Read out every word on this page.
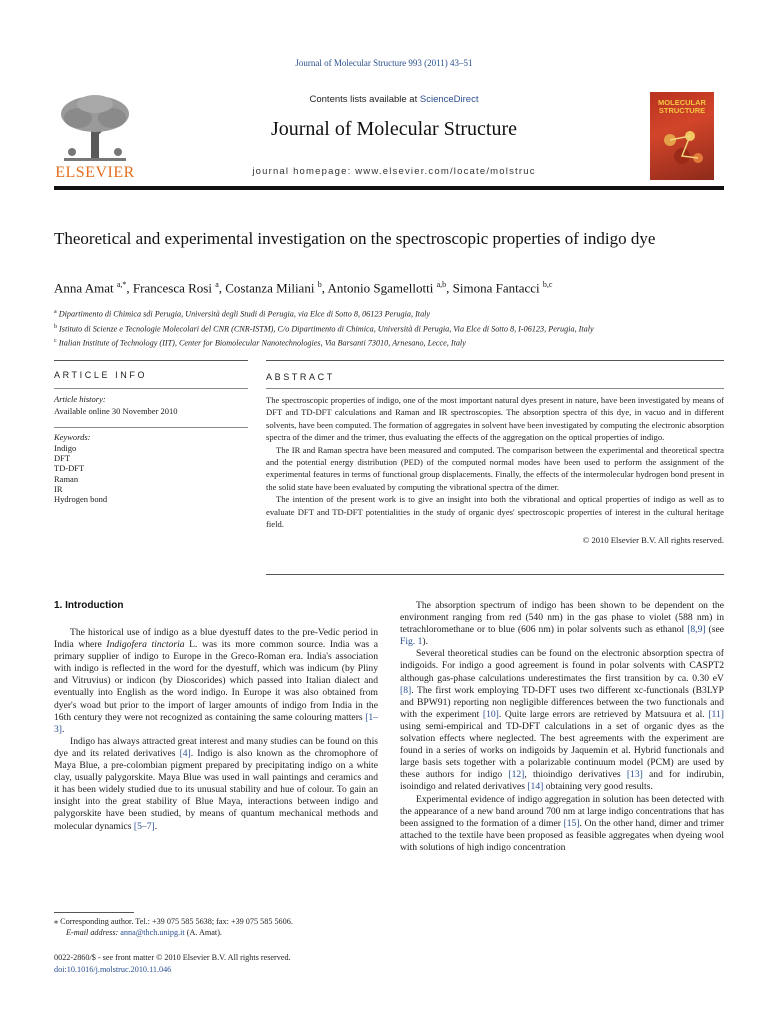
Journal of Molecular Structure 993 (2011) 43–51
ELSEVIER
Contents lists available at ScienceDirect
Journal of Molecular Structure
journal homepage: www.elsevier.com/locate/molstruc
MOLECULAR STRUCTURE
Theoretical and experimental investigation on the spectroscopic properties of indigo dye
Anna Amat $^{a,*}$, Francesca Rosi $^a$, Costanza Miliani $^b$, Antonio Sgamellotti $^{a,b}$, Simona Fantacci $^{b,c}$
$^a$ Dipartimento di Chimica sdi Perugia, Università degli Studi di Perugia, via Elce di Sotto 8, 06123 Perugia, Italy
$^b$ Istituto di Scienze e Tecnologie Molecolari del CNR (CNR-ISTM), C/o Dipartimento di Chimica, Università di Perugia, Via Elce di Sotto 8, I-06123, Perugia, Italy
$^c$ Italian Institute of Technology (IIT), Center for Biomolecular Nanotechnologies, Via Barsanti 73010, Arnesano, Lecce, Italy
ARTICLE INFO
Article history:
Available online 30 November 2010
Keywords:
Indigo
DFT
TD-DFT
Raman
IR
Hydrogen bond
ABSTRACT

The spectroscopic properties of indigo, one of the most important natural dyes present in nature, have been investigated by means of DFT and TD-DFT calculations and Raman and IR spectroscopies. The absorption spectra of this dye, in vacuo and in different solvents, have been computed. The formation of aggregates in solvent have been investigated by computing the electronic absorption spectra of the dimer and the trimer, thus evaluating the effects of the aggregation on the optical properties of indigo.

The IR and Raman spectra have been measured and computed. The comparison between the experimental and theoretical spectra and the potential energy distribution (PED) of the computed normal modes have been used to perform the assignment of the experimental features in terms of functional group displacements. Finally, the effects of the intermolecular hydrogen bond present in the solid state have been evaluated by computing the vibrational spectra of the dimer.

The intention of the present work is to give an insight into both the vibrational and optical properties of indigo as well as to evaluate DFT and TD-DFT potentialities in the study of organic dyes' spectroscopic properties of interest in the cultural heritage field.

© 2010 Elsevier B.V. All rights reserved.

1. Introduction

The historical use of indigo as a blue dyestuff dates to the pre-Vedic period in India where Indigofera tinctoria L. was its more common source. India was a primary supplier of indigo to Europe in the Greco-Roman era. India's association with indigo is reflected in the word for the dyestuff, which was indicum (by Pliny and Vitruvius) or indicon (by Dioscorides) which passed into Italian dialect and eventually into English as the word indigo. In Europe it was also obtained from dyer's woad but prior to the import of larger amounts of indigo from India in the 16th century they were not recognized as containing the same colouring matters [1–3].

Indigo has always attracted great interest and many studies can be found on this dye and its related derivatives [4]. Indigo is also known as the chromophore of Maya Blue, a pre-colombian pigment prepared by precipitating indigo on a white clay, usually palygorskite. Maya Blue was used in wall paintings and ceramics and it has been widely studied due to its unusual stability and hue of colour. To gain an insight into the great stability of Blue Maya, interactions between indigo and palygorskite have been studied, by means of quantum mechanical methods and molecular dynamics [5–7].

The absorption spectrum of indigo has been shown to be dependent on the environment ranging from red (540 nm) in the gas phase to violet (588 nm) in tetrachloromethane or to blue (606 nm) in polar solvents such as ethanol [8,9] (see Fig. 1).

Several theoretical studies can be found on the electronic absorption spectra of indigoids. For indigo a good agreement is found in polar solvents with CASPT2 although gas-phase calculations underestimates the first transition by ca. 0.30 eV [8]. The first work employing TD-DFT uses two different xc-functionals (B3LYP and BPW91) reporting non negligible differences between the two functionals and with the experiment [10]. Quite large errors are retrieved by Matsuura et al. [11] using semi-empirical and TD-DFT calculations in a set of organic dyes as the solvation effects where neglected. The best agreements with the experiment are found in a series of works on indigoids by Jaquemin et al. Hybrid functionals and large basis sets together with a polarizable continuum model (PCM) are used by these authors for indigo [12], thioindigo derivatives [13] and for indirubin, isoindigo and related derivatives [14] obtaining very good results.

Experimental evidence of indigo aggregation in solution has been detected with the appearance of a new band around 700 nm at large indigo concentrations that has been assigned to the formation of a dimer [15]. On the other hand, dimer and trimer attached to the textile have been proposed as feasible aggregates when dyeing wool with solutions of high indigo concentration

⁎ Corresponding author. Tel.: +39 075 585 5638; fax: +39 075 585 5606.
E-mail address: anna@thch.unipg.it (A. Amat).
0022-2860/$ - see front matter © 2010 Elsevier B.V. All rights reserved.
doi:10.1016/j.molstruc.2010.11.046
